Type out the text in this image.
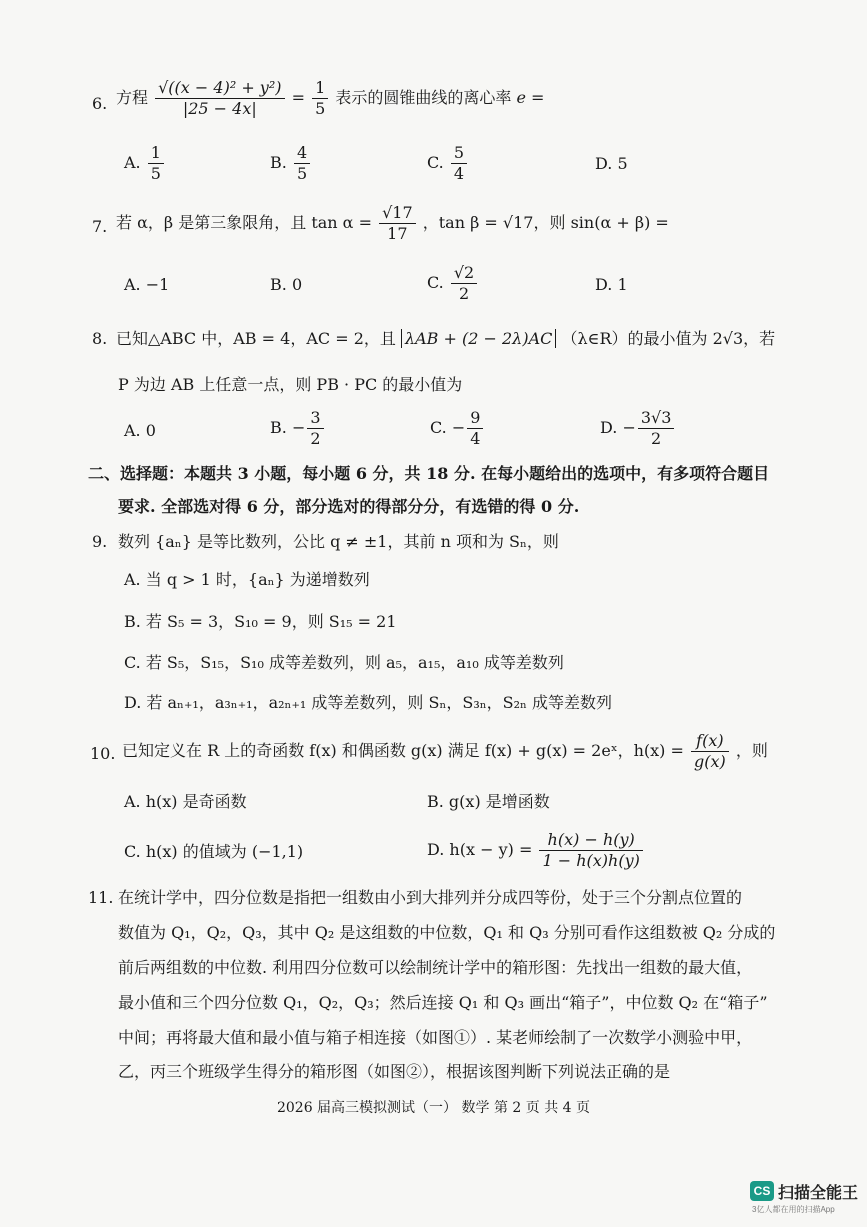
6. 方程 $\frac{\text{√((x − 4)² + y²)}}{|25 - 4x|} = \frac{1}{5}$ 表示的圆锥曲线的离心率 e =
A. $\frac{1}{5}$	B. $\frac{4}{5}$	C. $\frac{5}{4}$	D. 5
7. 若 α，β 是第三象限角，且 $\tan \alpha = \frac{√17}{17}$ ，tan β = √17，则 sin(α + β) =
A. −1	B. 0	C. $\frac{√2}{2}$	D. 1
8. 已知△ABC 中，AB = 4，AC = 2，且 λAB + (2 − 2λ)AC （λ∈R）的最小值为 2√3，若
P 为边 AB 上任意一点，则 PB · PC 的最小值为
A. 0	B. − $\frac{3}{2}$	C. − $\frac{9}{4}$	D. − $\frac{3√3}{2}$
二、选择题：本题共 3 小题，每小题 6 分，共 18 分. 在每小题给出的选项中，有多项符合题目
要求. 全部选对得 6 分，部分选对的得部分分，有选错的得 0 分.
9. 数列 {aₙ} 是等比数列，公比 q ≠ ±1，其前 n 项和为 Sₙ，则
A. 当 q > 1 时，{aₙ} 为递增数列
B. 若 S₅ = 3，S₁₀ = 9，则 S₁₅ = 21
C. 若 S₅，S₁₅，S₁₀ 成等差数列，则 a₅，a₁₅，a₁₀ 成等差数列
D. 若 aₙ₊₁，a₃ₙ₊₁，a₂ₙ₊₁ 成等差数列，则 Sₙ，S₃ₙ，S₂ₙ 成等差数列
10. 已知定义在 R 上的奇函数 f(x) 和偶函数 g(x) 满足 f(x) + g(x) = 2eˣ，$h(x) = \frac{f(x)}{g(x)}$ ，则
A. h(x) 是奇函数	B. g(x) 是增函数
C. h(x) 的值域为 (−1,1)	D. $h(x - y) = \frac{h(x) - h(y)}{1 - h(x)h(y)}$
11. 在统计学中，四分位数是指把一组数由小到大排列并分成四等份，处于三个分割点位置的
数值为 Q₁，Q₂，Q₃，其中 Q₂ 是这组数的中位数，Q₁ 和 Q₃ 分别可看作这组数被 Q₂ 分成的
前后两组数的中位数. 利用四分位数可以绘制统计学中的箱形图：先找出一组数的最大值，
最小值和三个四分位数 Q₁，Q₂，Q₃；然后连接 Q₁ 和 Q₃ 画出“箱子”，中位数 Q₂ 在“箱子”
中间；再将最大值和最小值与箱子相连接（如图①）. 某老师绘制了一次数学小测验中甲，
乙，丙三个班级学生得分的箱形图（如图②），根据该图判断下列说法正确的是
2026 届高三模拟测试（一） 数学 第 2 页 共 4 页
CS 扫描全能王
3亿人都在用的扫描App
